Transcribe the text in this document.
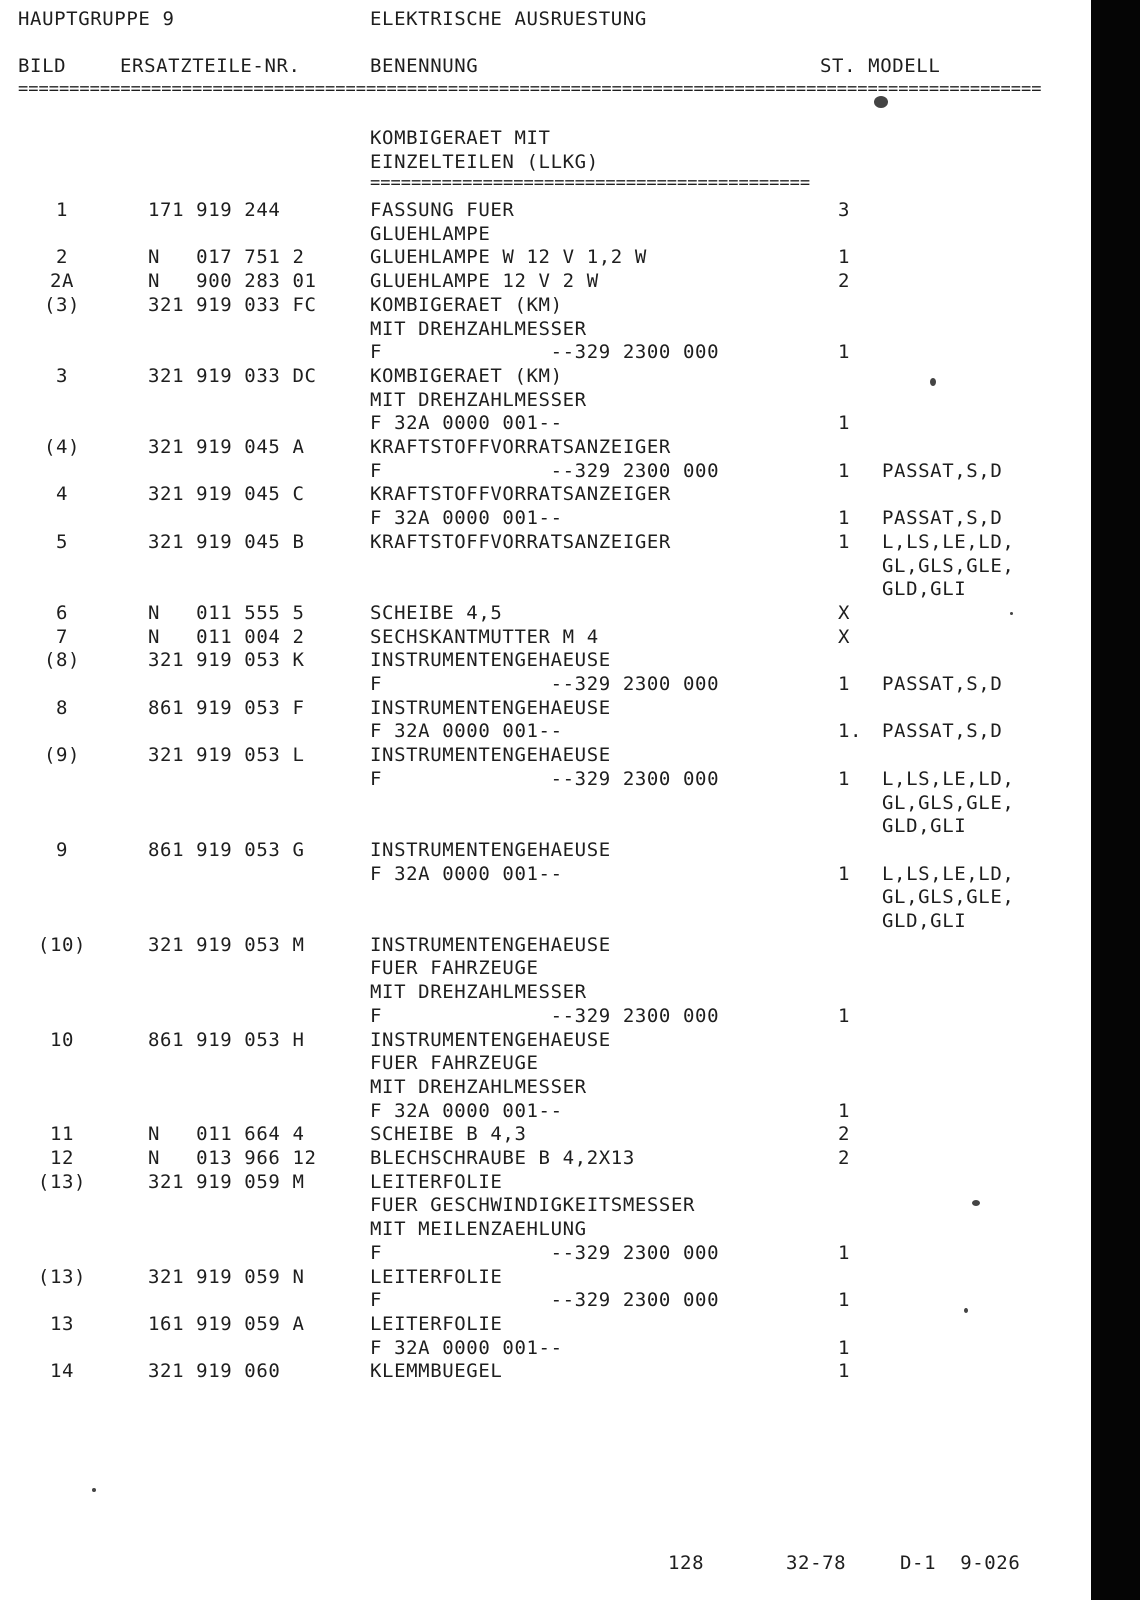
HAUPTGRUPPE 9	ELEKTRISCHE AUSRUESTUNG
BILD	ERSATZTEILE-NR.	BENENNUNG	ST. MODELL
====================================================================================================
KOMBIGERAET MIT
EINZELTEILEN (LLKG)
===========================================
1	171 919 244	FASSUNG FUER	3
GLUEHLAMPE
2	N   017 751 2	GLUEHLAMPE W 12 V 1,2 W	1
2A	N   900 283 01	GLUEHLAMPE 12 V 2 W	2
(3)	321 919 033 FC	KOMBIGERAET (KM)
MIT DREHZAHLMESSER
F              --329 2300 000	1
3	321 919 033 DC	KOMBIGERAET (KM)
MIT DREHZAHLMESSER
F 32A 0000 001--	1
(4)	321 919 045 A	KRAFTSTOFFVORRATSANZEIGER
F              --329 2300 000	1 PASSAT,S,D
4	321 919 045 C	KRAFTSTOFFVORRATSANZEIGER
F 32A 0000 001--	1 PASSAT,S,D
5	321 919 045 B	KRAFTSTOFFVORRATSANZEIGER	1 L,LS,LE,LD,
GL,GLS,GLE,
GLD,GLI
6	N   011 555 5	SCHEIBE 4,5	X
7	N   011 004 2	SECHSKANTMUTTER M 4	X
(8)	321 919 053 K	INSTRUMENTENGEHAEUSE
F              --329 2300 000	1 PASSAT,S,D
8	861 919 053 F	INSTRUMENTENGEHAEUSE
F 32A 0000 001--	1. PASSAT,S,D
(9)	321 919 053 L	INSTRUMENTENGEHAEUSE
F              --329 2300 000	1 L,LS,LE,LD,
GL,GLS,GLE,
GLD,GLI
9	861 919 053 G	INSTRUMENTENGEHAEUSE
F 32A 0000 001--	1 L,LS,LE,LD,
GL,GLS,GLE,
GLD,GLI
(10)	321 919 053 M	INSTRUMENTENGEHAEUSE
FUER FAHRZEUGE
MIT DREHZAHLMESSER
F              --329 2300 000	1
10	861 919 053 H	INSTRUMENTENGEHAEUSE
FUER FAHRZEUGE
MIT DREHZAHLMESSER
F 32A 0000 001--	1
11	N   011 664 4	SCHEIBE B 4,3	2
12	N   013 966 12	BLECHSCHRAUBE B 4,2X13	2
(13)	321 919 059 M	LEITERFOLIE
FUER GESCHWINDIGKEITSMESSER
MIT MEILENZAEHLUNG
F              --329 2300 000	1
(13)	321 919 059 N	LEITERFOLIE
F              --329 2300 000	1
13	161 919 059 A	LEITERFOLIE
F 32A 0000 001--	1
14	321 919 060	KLEMMBUEGEL	1
128	32-78	D-1  9-026
